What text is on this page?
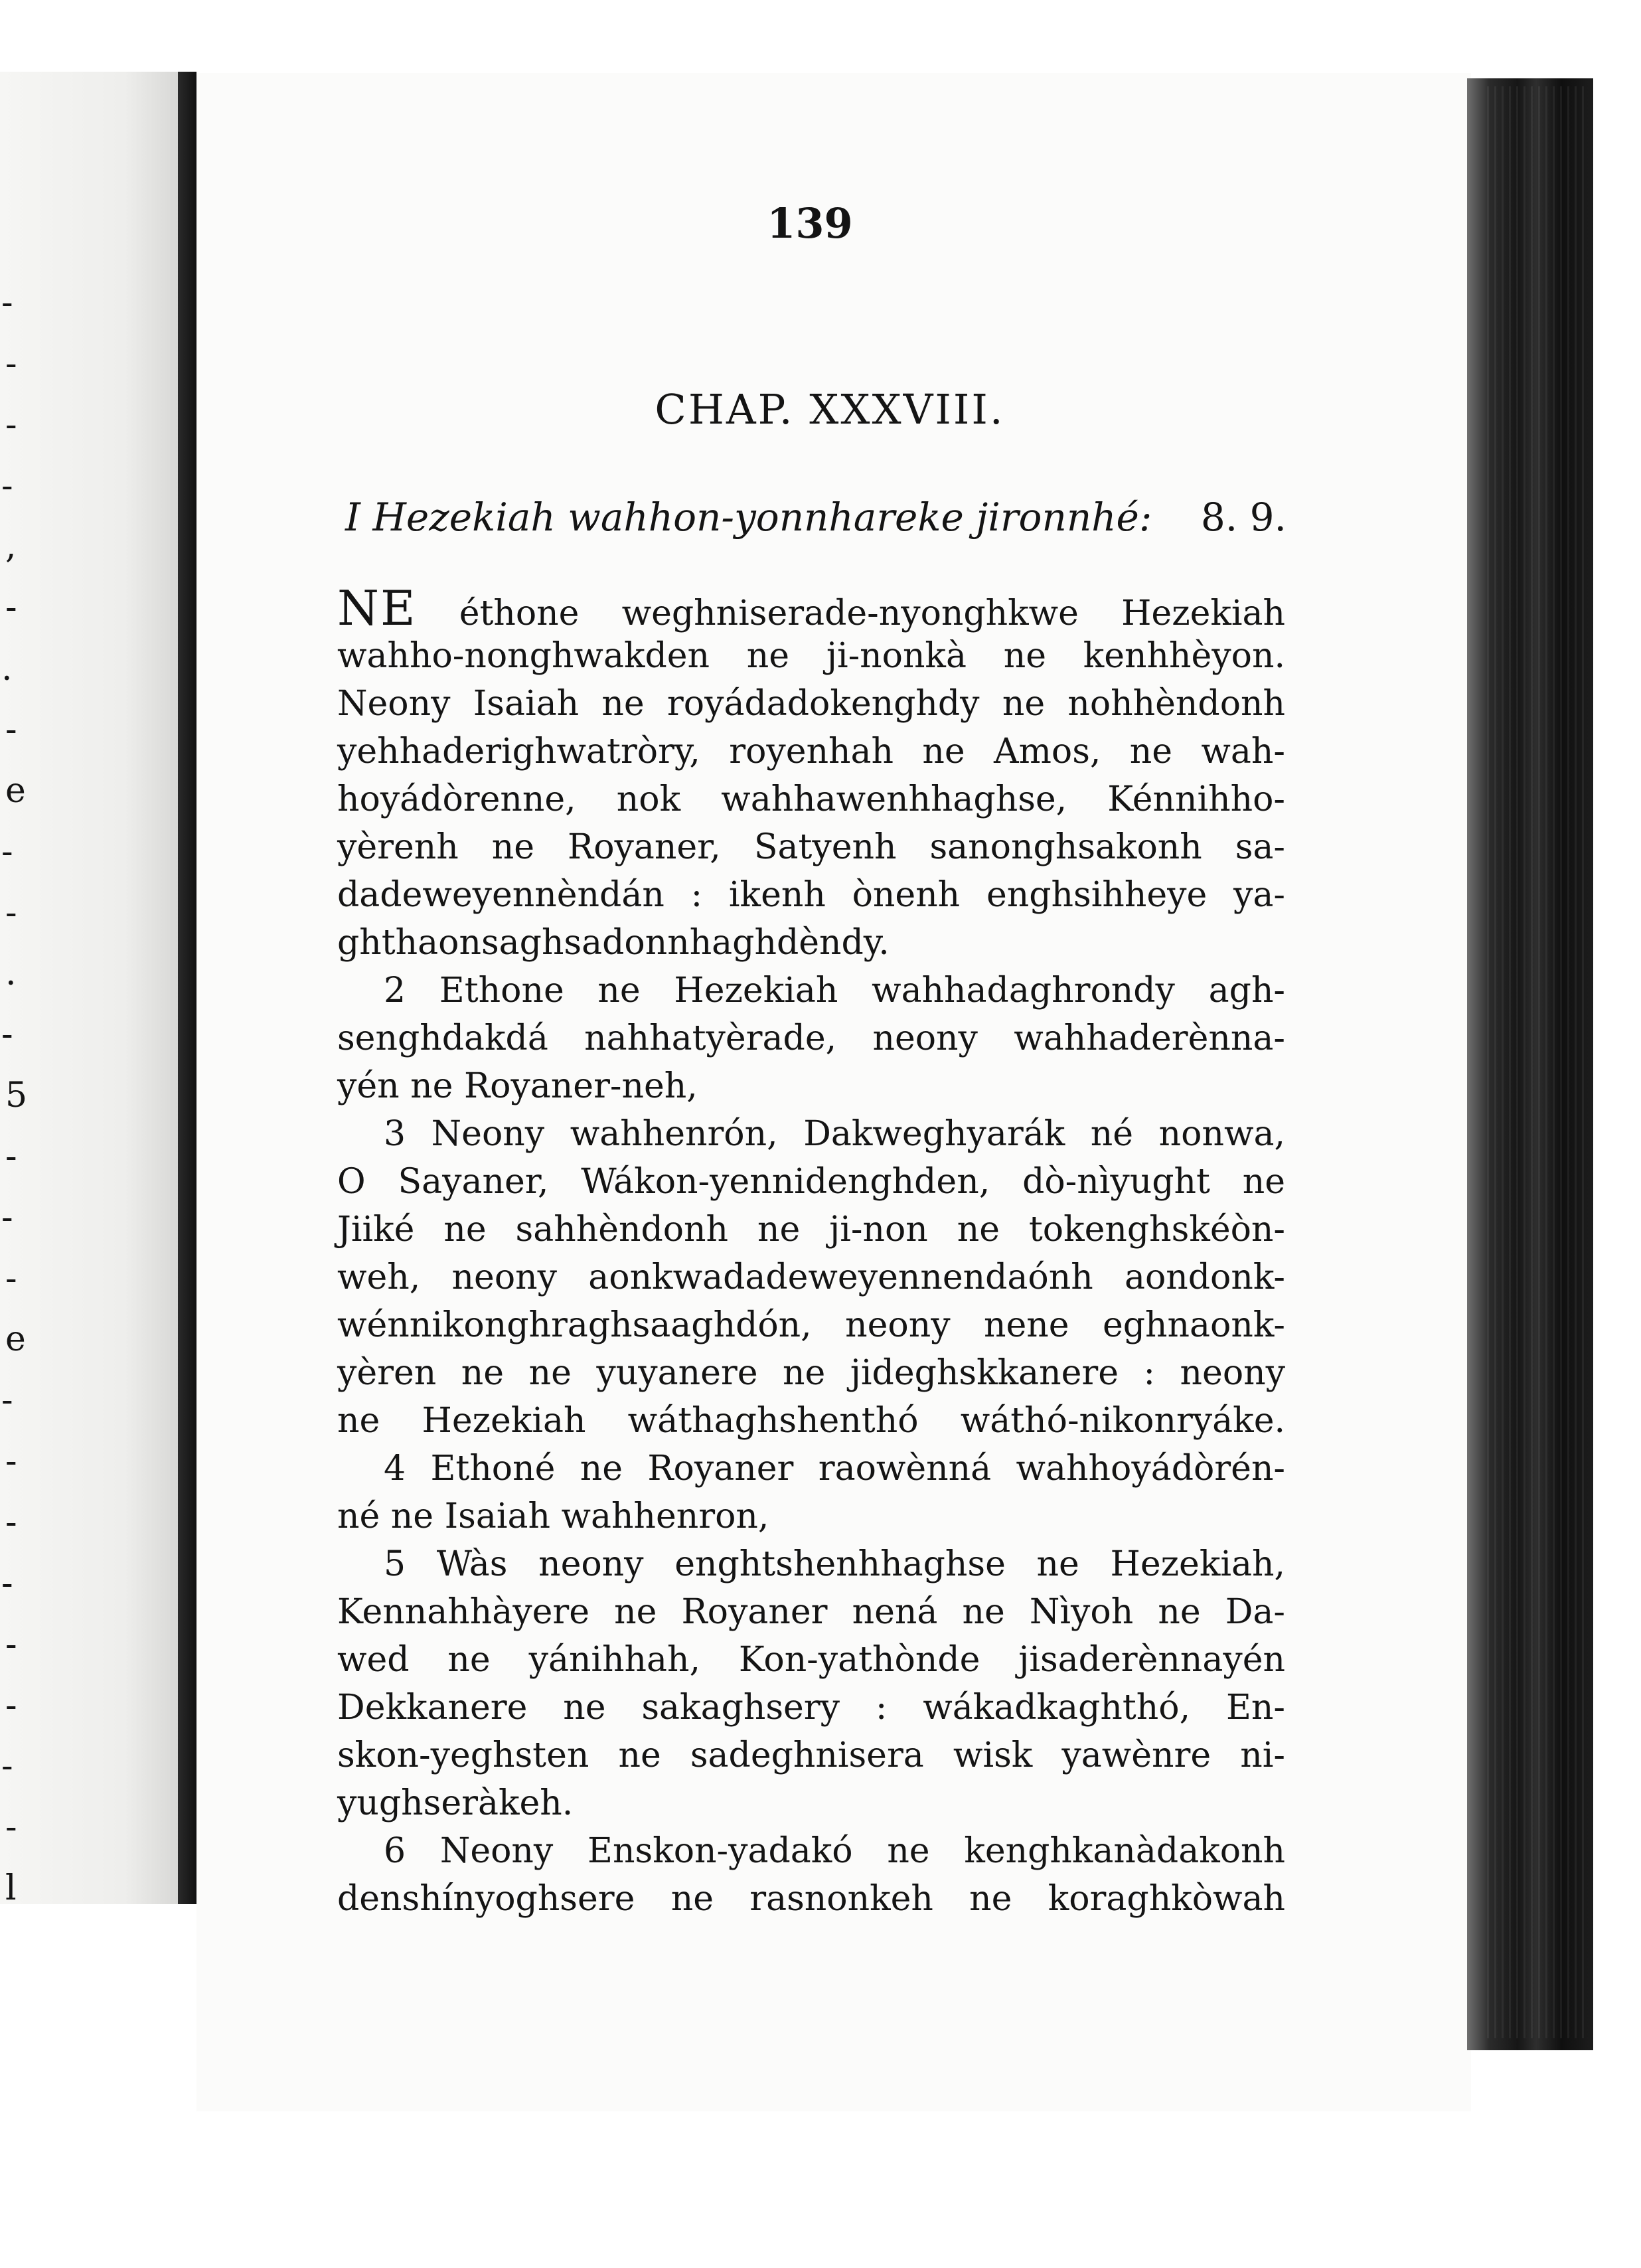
-
-
-
-
,
-
.
-
e
-
-
.
-
5
-
-
-
e
-
-
-
-
-
-
-
-
l
139
CHAP. XXXVIII.
I Hezekiah wahhon-yonnhareke jironnhé: 8. 9.
NE éthone weghniserade-nyonghkwe Hezekiah
wahho-nonghwakden ne ji-nonkà ne kenhhèyon.
Neony Isaiah ne royádadokenghdy ne nohhèndonh
yehhaderighwatròry, royenhah ne Amos, ne wah-
hoyádòrenne, nok wahhawenhhaghse, Kénnihho-
yèrenh ne Royaner, Satyenh sanonghsakonh sa-
dadeweyennèndán : ikenh ònenh enghsihheye ya-
ghthaonsaghsadonnhaghdèndy.
2 Ethone ne Hezekiah wahhadaghrondy agh-
senghdakdá nahhatyèrade, neony wahhaderènna-
yén ne Royaner-neh,
3 Neony wahhenrón, Dakweghyarák né nonwa,
O Sayaner, Wákon-yennidenghden, dò-nìyught ne
Jiiké ne sahhèndonh ne ji-non ne tokenghskéòn-
weh, neony aonkwadadeweyennendaónh aondonk-
wénnikonghraghsaaghdón, neony nene eghnaonk-
yèren ne ne yuyanere ne jideghskkanere : neony
ne Hezekiah wáthaghshenthó wáthó-nikonryáke.
4 Ethoné ne Royaner raowènná wahhoyádòrén-
né ne Isaiah wahhenron,
5 Wàs neony enghtshenhhaghse ne Hezekiah,
Kennahhàyere ne Royaner nená ne Nìyoh ne Da-
wed ne yánihhah, Kon-yathònde jisaderènnayén
Dekkanere ne sakaghsery : wákadkaghthó, En-
skon-yeghsten ne sadeghnisera wisk yawènre ni-
yughseràkeh.
6 Neony Enskon-yadakó ne kenghkanàdakonh
denshínyoghsere ne rasnonkeh ne koraghkòwah
